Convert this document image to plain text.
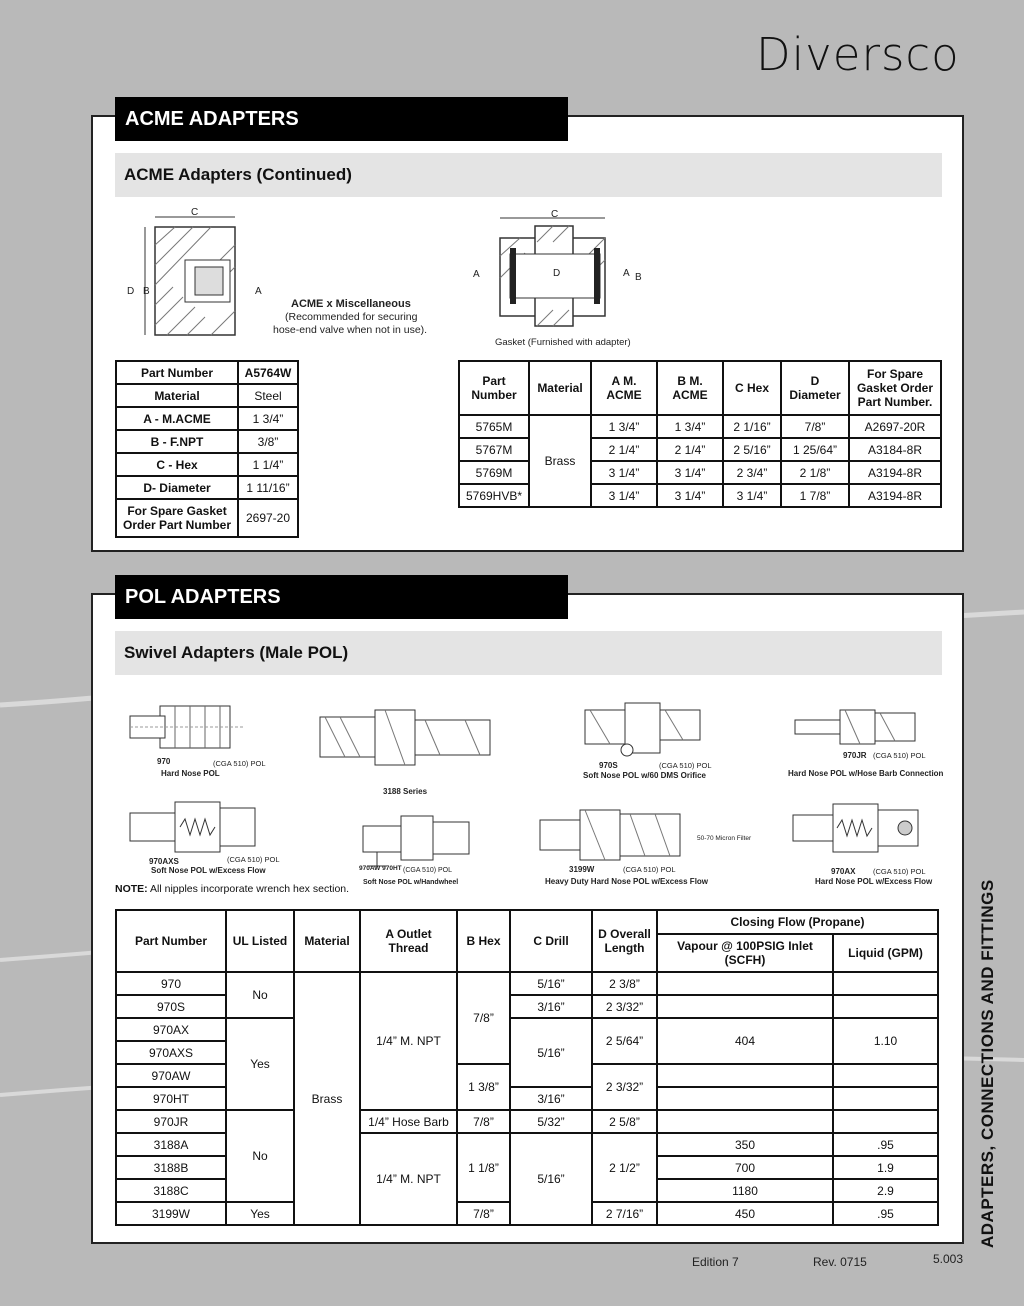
Diversco
ACME ADAPTERS
ACME Adapters (Continued)
C
D B	A
ACME x Miscellaneous
(Recommended for securing
hose-end valve when not in use).
C
A	D	A B
Gasket (Furnished with adapter)
Part Number	A5764W
Material	Steel
A - M.ACME	1 3/4”
B - F.NPT	3/8”
C - Hex	1 1/4”
D- Diameter	1 11/16”
For Spare Gasket Order Part Number	2697-20
Part Number	Material	A M. ACME	B M. ACME	C Hex	D Diameter	For Spare Gasket Order Part Number.
5765M	Brass	1 3/4”	1 3/4”	2 1/16”	7/8”	A2697-20R
5767M		2 1/4”	2 1/4”	2 5/16”	1 25/64”	A3184-8R
5769M		3 1/4”	3 1/4”	2 3/4”	2 1/8”	A3194-8R
5769HVB*		3 1/4”	3 1/4”	3 1/4”	1 7/8”	A3194-8R
POL ADAPTERS
Swivel Adapters (Male POL)
970	(CGA 510) POL
Hard Nose POL
3188 Series
970S	(CGA 510) POL
Soft Nose POL w/60 DMS Orifice
970JR (CGA 510) POL
Hard Nose POL w/Hose Barb Connection
970AXS	(CGA 510) POL
Soft Nose POL w/Excess Flow	970AW 970HT (CGA 510) POL
Soft Nose POL w/Handwheel
50-70 Micron Filter
3199W	(CGA 510) POL
Heavy Duty Hard Nose POL w/Excess Flow
970AX (CGA 510) POL
Hard Nose POL w/Excess Flow
NOTE: All nipples incorporate wrench hex section.
Part Number	UL Listed	Material	A Outlet Thread	B Hex	C Drill	D Overall Length	Closing Flow (Propane)	
							Vapour @ 100PSIG Inlet (SCFH)	Liquid (GPM)
970	No	Brass	1/4” M. NPT	7/8”	5/16”	2 3/8”		
970S					3/16”	2 3/32”		
970AX	Yes				5/16”	2 5/64”	404	1.10
970AXS								
970AW				1 3/8”		2 3/32”		
970HT					3/16”			
970JR	No		1/4” Hose Barb	7/8”	5/32”	2 5/8”		
3188A			1/4” M. NPT	1 1/8”	5/16”	2 1/2”	350	.95
3188B							700	1.9
3188C							1180	2.9
3199W	Yes			7/8”		2 7/16”	450	.95	ADAPTERS, CONNECTIONS AND FITTINGS
Edition 7	Rev. 0715	5.003
